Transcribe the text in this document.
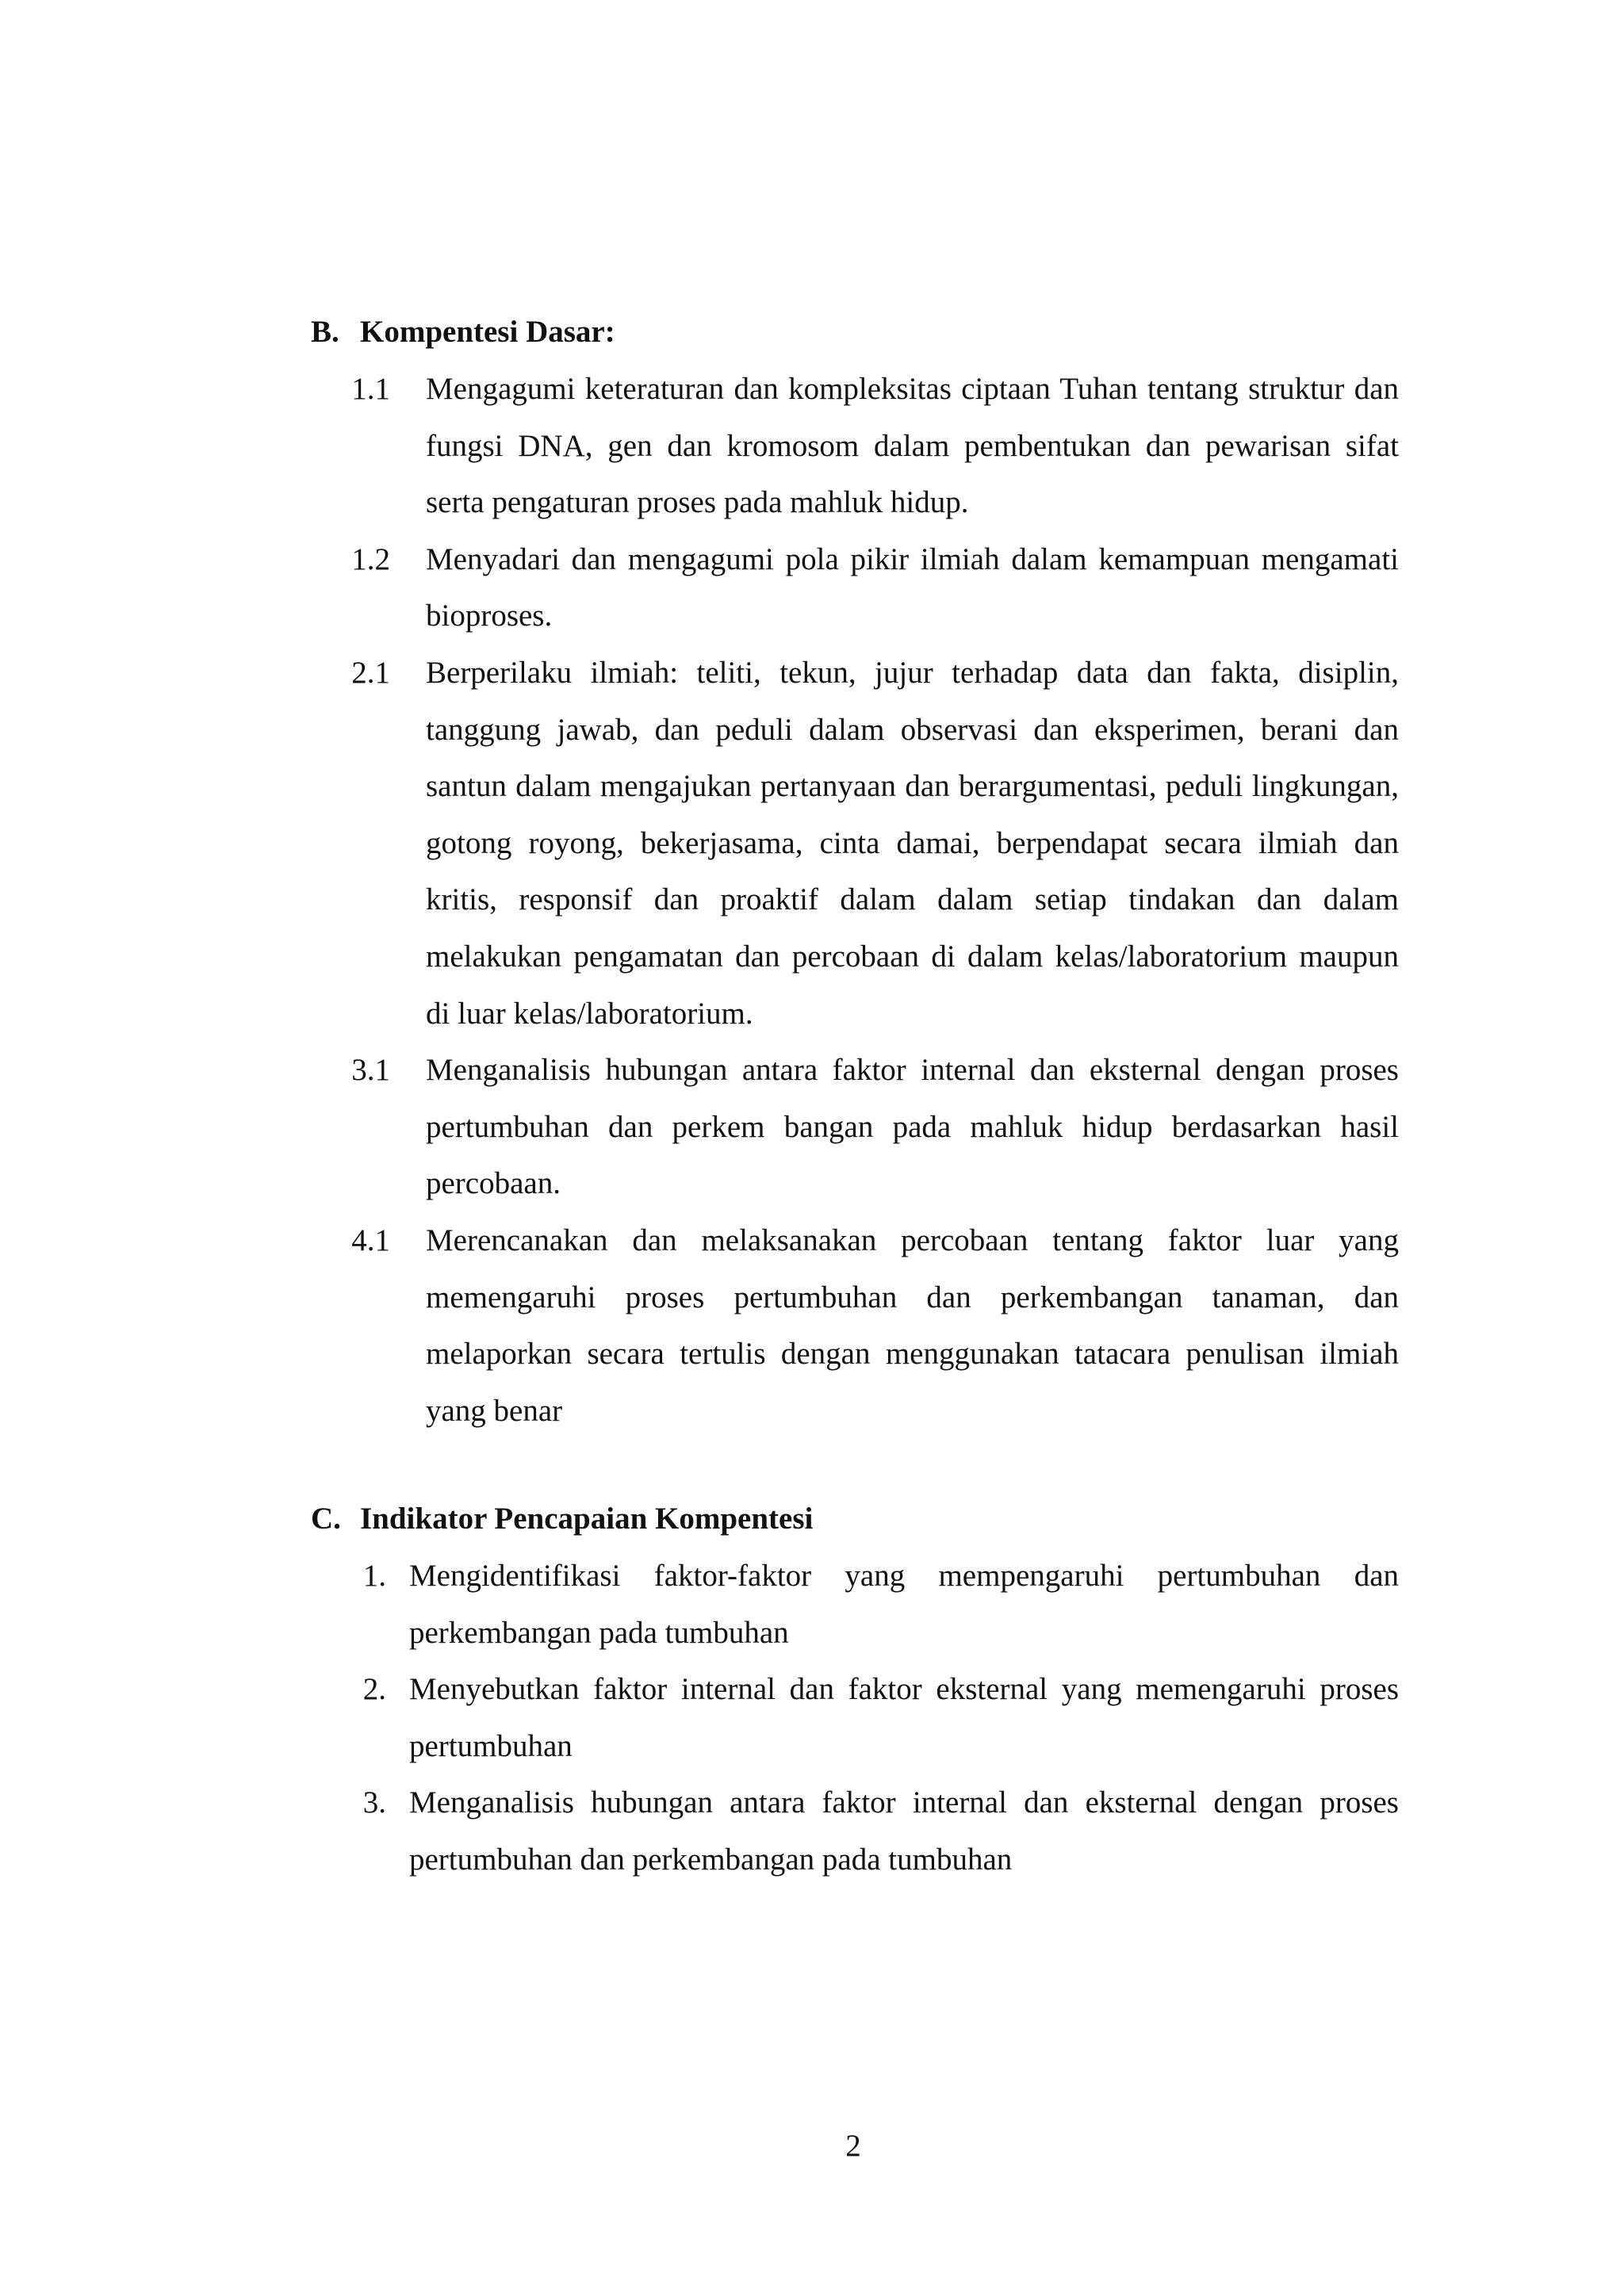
B. Kompentesi Dasar:
1.1 Mengagumi keteraturan dan kompleksitas ciptaan Tuhan tentang struktur dan fungsi DNA, gen dan kromosom dalam pembentukan dan pewarisan sifat serta pengaturan proses pada mahluk hidup.
1.2 Menyadari dan mengagumi pola pikir ilmiah dalam kemampuan mengamati bioproses.
2.1 Berperilaku ilmiah: teliti, tekun, jujur terhadap data dan fakta, disiplin, tanggung jawab, dan peduli dalam observasi dan eksperimen, berani dan santun dalam mengajukan pertanyaan dan berargumentasi, peduli lingkungan, gotong royong, bekerjasama, cinta damai, berpendapat secara ilmiah dan kritis, responsif dan proaktif dalam dalam setiap tindakan dan dalam melakukan pengamatan dan percobaan di dalam kelas/laboratorium maupun di luar kelas/laboratorium.
3.1 Menganalisis hubungan antara faktor internal dan eksternal dengan proses pertumbuhan dan perkem bangan pada mahluk hidup berdasarkan hasil percobaan.
4.1 Merencanakan dan melaksanakan percobaan tentang faktor luar yang memengaruhi proses pertumbuhan dan perkembangan tanaman, dan melaporkan secara tertulis dengan menggunakan tatacara penulisan ilmiah yang benar
C. Indikator Pencapaian Kompentesi
1. Mengidentifikasi faktor-faktor yang mempengaruhi pertumbuhan dan perkembangan pada tumbuhan
2. Menyebutkan faktor internal dan faktor eksternal yang memengaruhi proses pertumbuhan
3. Menganalisis hubungan antara faktor internal dan eksternal dengan proses pertumbuhan dan perkembangan pada tumbuhan
2
